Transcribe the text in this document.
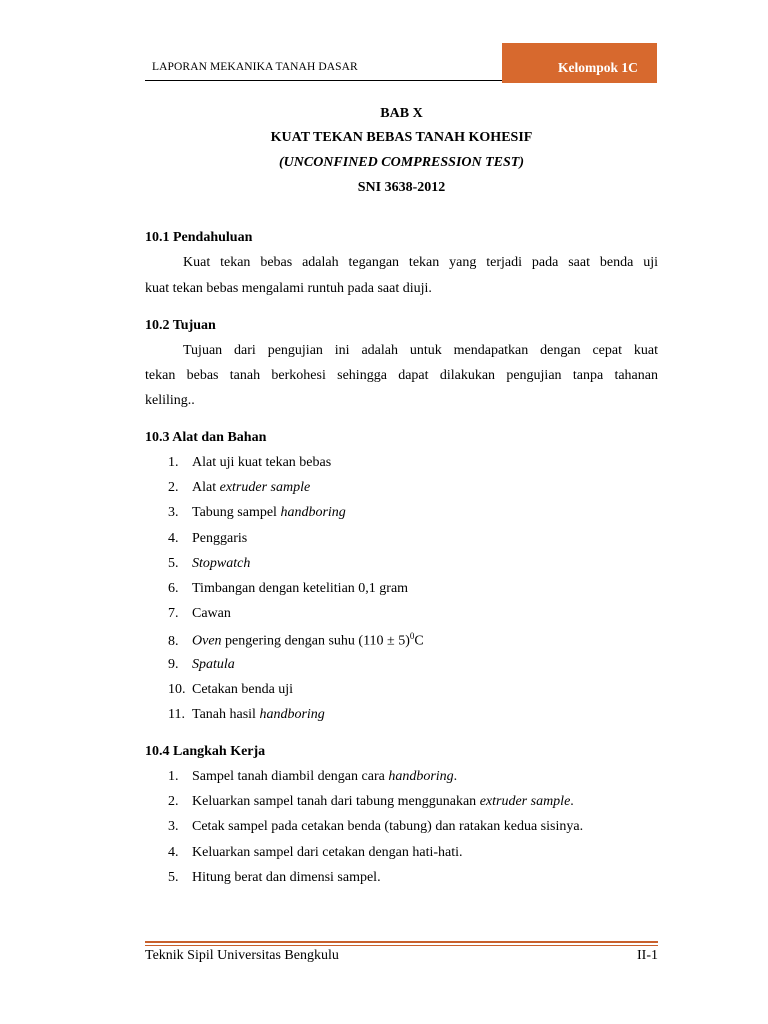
LAPORAN MEKANIKA TANAH DASAR	Kelompok 1C
BAB X
KUAT TEKAN BEBAS TANAH KOHESIF
(UNCONFINED COMPRESSION TEST)
SNI 3638-2012
10.1 Pendahuluan
Kuat tekan bebas adalah tegangan tekan yang terjadi pada saat benda uji
kuat tekan bebas mengalami runtuh pada saat diuji.
10.2 Tujuan
Tujuan dari pengujian ini adalah untuk mendapatkan dengan cepat kuat
tekan bebas tanah berkohesi sehingga dapat dilakukan pengujian tanpa tahanan
keliling..
10.3 Alat dan Bahan
1. Alat uji kuat tekan bebas
2. Alat extruder sample
3. Tabung sampel handboring
4. Penggaris
5. Stopwatch
6. Timbangan dengan ketelitian 0,1 gram
7. Cawan
8. Oven pengering dengan suhu $(110 \pm 5)^0C$
9. Spatula
10. Cetakan benda uji
11. Tanah hasil handboring
10.4 Langkah Kerja
1. Sampel tanah diambil dengan cara handboring.
2. Keluarkan sampel tanah dari tabung menggunakan extruder sample.
3. Cetak sampel pada cetakan benda (tabung) dan ratakan kedua sisinya.
4. Keluarkan sampel dari cetakan dengan hati-hati.
5. Hitung berat dan dimensi sampel.
Teknik Sipil Universitas Bengkulu	II-1
